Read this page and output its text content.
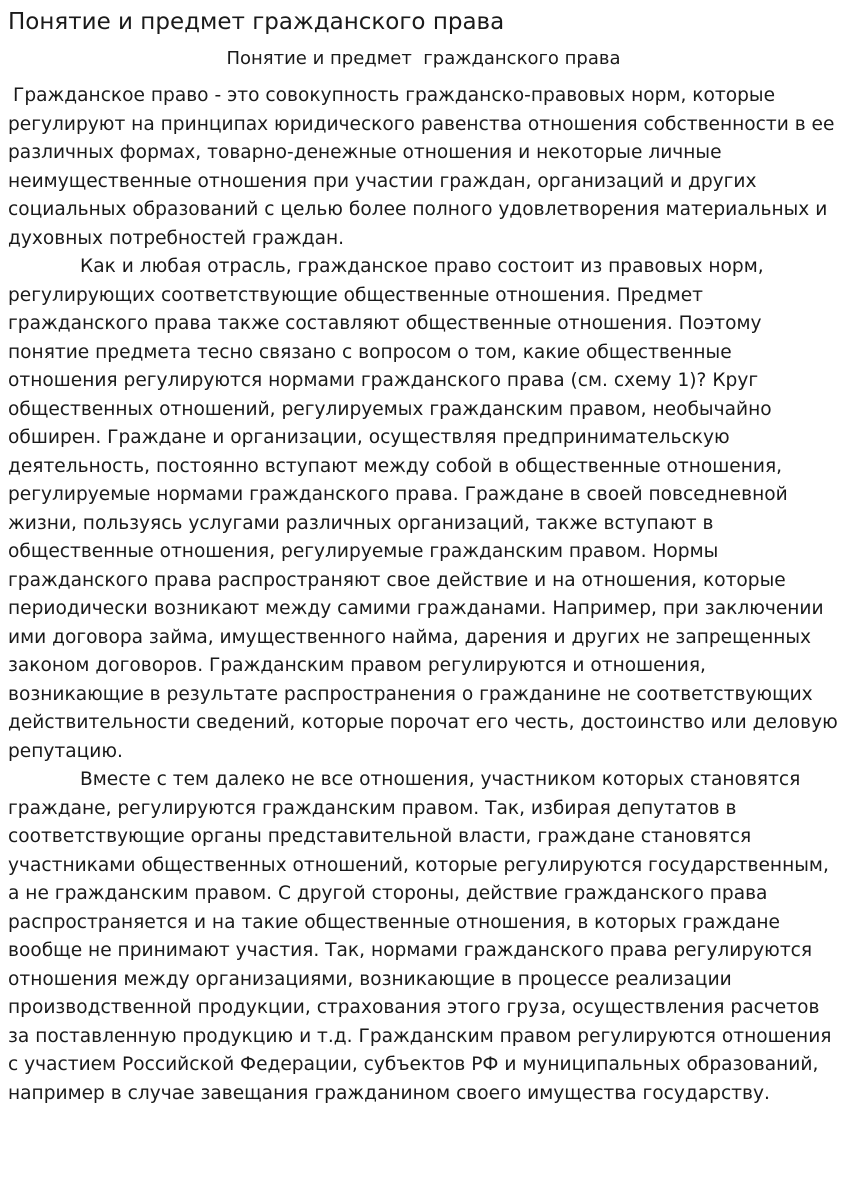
Понятие и предмет гражданского права
Понятие и предмет  гражданского права

Гражданское право - это совокупность гражданско-правовых норм, которые регулируют на принципах юридического равенства отношения собственности в ее различных формах, товарно-денежные отношения и некоторые личные неимущественные отношения при участии граждан, организаций и других социальных образований с целью более полного удовлетворения материальных и духовных потребностей граждан.

Как и любая отрасль, гражданское право состоит из правовых норм, регулирующих соответствующие общественные отношения. Предмет гражданского права также составляют общественные отношения. Поэтому понятие предмета тесно связано с вопросом о том, какие общественные отношения регулируются нормами гражданского права (см. схему 1)? Круг общественных отношений, регулируемых гражданским правом, необычайно обширен. Граждане и организации, осуществляя предпринимательскую деятельность, постоянно вступают между собой в общественные отношения, регулируемые нормами гражданского права. Граждане в своей повседневной жизни, пользуясь услугами различных организаций, также вступают в общественные отношения, регулируемые гражданским правом. Нормы гражданского права распространяют свое действие и на отношения, которые периодически возникают между самими гражданами. Например, при заключении ими договора займа, имущественного найма, дарения и других не запрещенных законом договоров. Гражданским правом регулируются и отношения, возникающие в результате распространения о гражданине не соответствующих действительности сведений, которые порочат его честь, достоинство или деловую репутацию.

Вместе с тем далеко не все отношения, участником которых становятся граждане, регулируются гражданским правом. Так, избирая депутатов в соответствующие органы представительной власти, граждане становятся участниками общественных отношений, которые регулируются государственным, а не гражданским правом. С другой стороны, действие гражданского права распространяется и на такие общественные отношения, в которых граждане вообще не принимают участия. Так, нормами гражданского права регулируются отношения между организациями, возникающие в процессе реализации производственной продукции, страхования этого груза, осуществления расчетов за поставленную продукцию и т.д. Гражданским правом регулируются отношения с участием Российской Федерации, субъектов РФ и муниципальных образований, например в случае завещания гражданином своего имущества государству.
